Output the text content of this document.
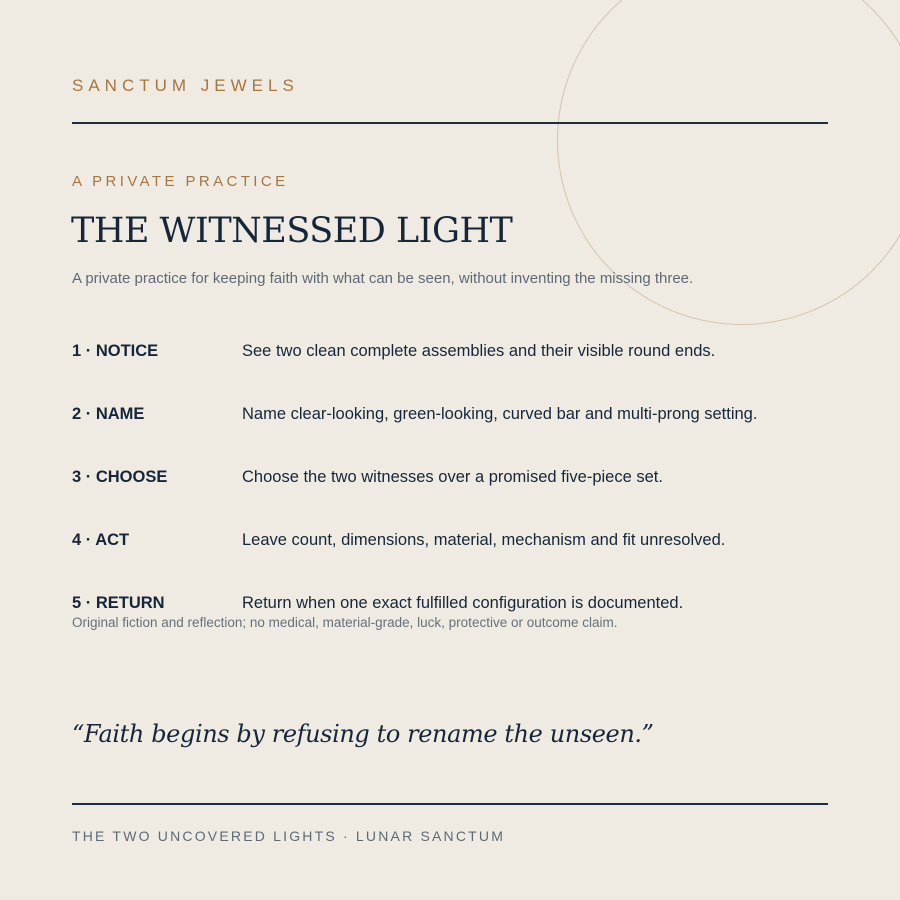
SANCTUM JEWELS
A PRIVATE PRACTICE
THE WITNESSED LIGHT
A private practice for keeping faith with what can be seen, without inventing the missing three.
1 · NOTICE	See two clean complete assemblies and their visible round ends.
2 · NAME	Name clear-looking, green-looking, curved bar and multi-prong setting.
3 · CHOOSE	Choose the two witnesses over a promised five-piece set.
4 · ACT	Leave count, dimensions, material, mechanism and fit unresolved.
5 · RETURN	Return when one exact fulfilled configuration is documented.
Original fiction and reflection; no medical, material-grade, luck, protective or outcome claim.
“Faith begins by refusing to rename the unseen.”
THE TWO UNCOVERED LIGHTS · LUNAR SANCTUM
